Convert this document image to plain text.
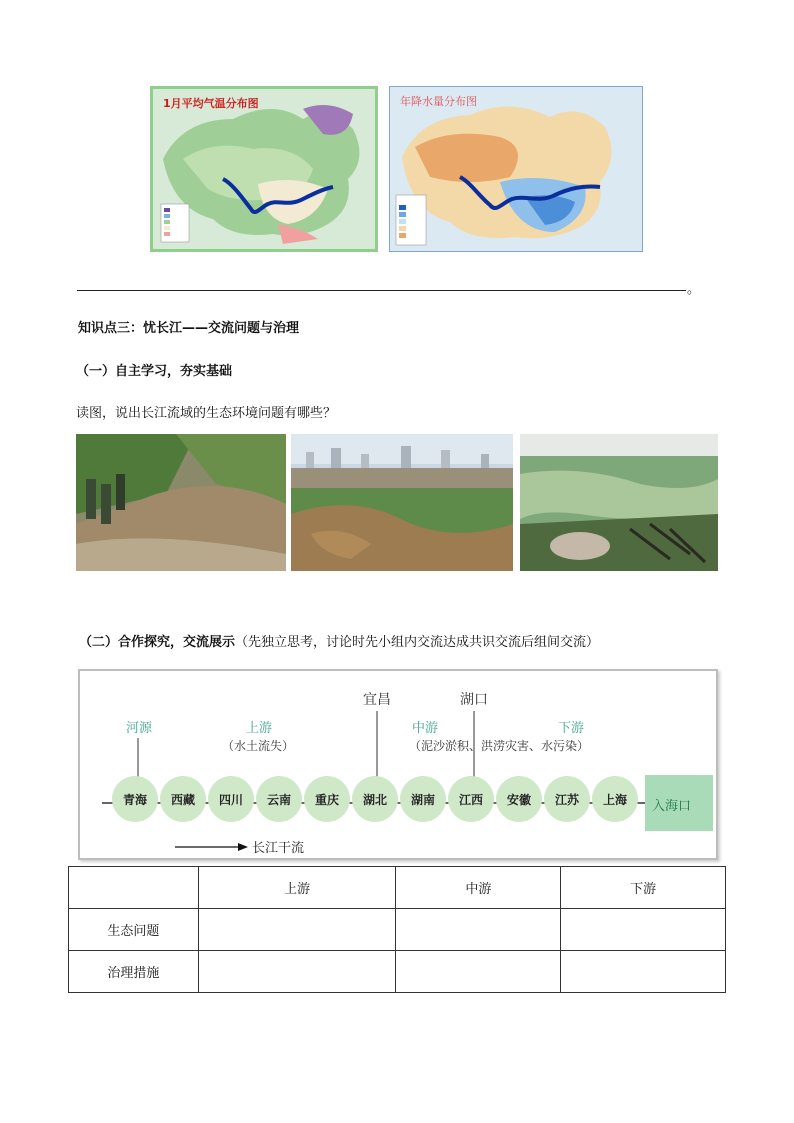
1月平均气温分布图	年降水量分布图
。
知识点三：忧长江——交流问题与治理
（一）自主学习，夯实基础
读图，说出长江流域的生态环境问题有哪些？
（二）合作探究，交流展示（先独立思考，讨论时先小组内交流达成共识交流后组间交流）
青海 西藏 四川 云南 重庆 湖北 湖南 江西 安徽 江苏 上海 入海口
宜昌	湖口
河源	上游
（水土流失）
中游
（泥沙淤积、洪涝灾害、水污染）
下游
长江干流
	上游	中游	下游
生态问题			
治理措施			
